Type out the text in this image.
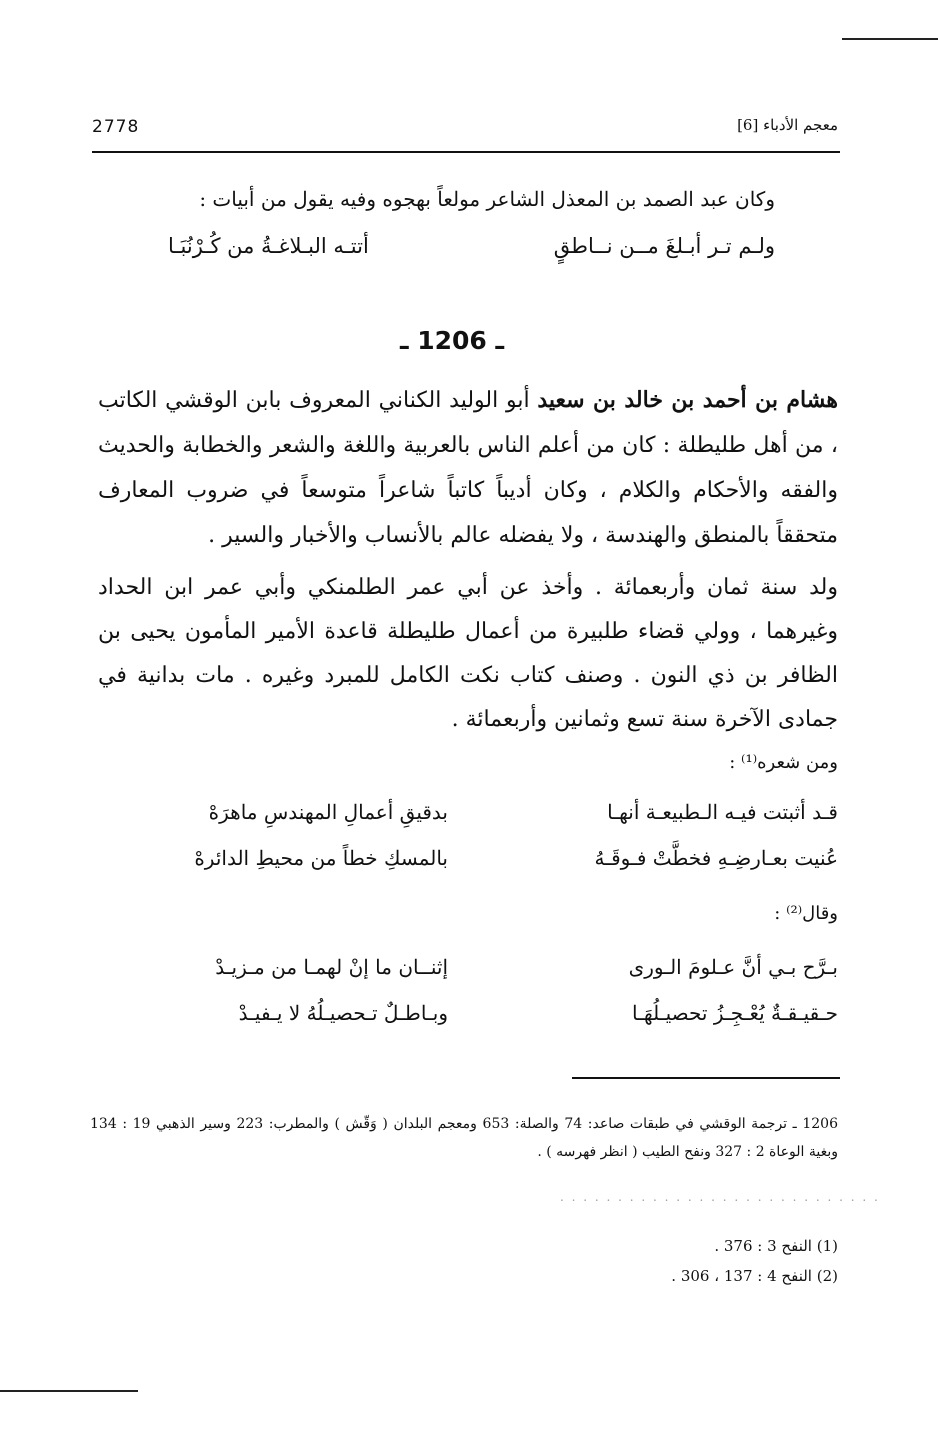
2778	معجم الأدباء [6]
وكان عبد الصمد بن المعذل الشاعر مولعاً بهجوه وفيه يقول من أبيات :
ولـم تـر أبـلغَ مــن نــاطقٍ
أتتـه البـلاغـةُ من كُـرْنُبَـا
ـ 1206 ـ
هشام بن أحمد بن خالد بن سعيد أبو الوليد الكناني المعروف بابن الوقشي الكاتب ، من أهل طليطلة : كان من أعلم الناس بالعربية واللغة والشعر والخطابة والحديث والفقه والأحكام والكلام ، وكان أديباً كاتباً شاعراً متوسعاً في ضروب المعارف متحققاً بالمنطق والهندسة ، ولا يفضله عالم بالأنساب والأخبار والسير .
ولد سنة ثمان وأربعمائة . وأخذ عن أبي عمر الطلمنكي وأبي عمر ابن الحداد وغيرهما ، وولي قضاء طلبيرة من أعمال طليطلة قاعدة الأمير المأمون يحيى بن الظافر بن ذي النون . وصنف كتاب نكت الكامل للمبرد وغيره . مات بدانية في جمادى الآخرة سنة تسع وثمانين وأربعمائة .
ومن شعره⁽¹⁾ :
قـد أثبتت فيـه الـطبيعـة أنهـا
بدقيقِ أعمالِ المهندسِ ماهرَهْ
عُنيت بعـارضِـهِ فخطَّتْ فـوقَـهُ
بالمسكِ خطاً من محيطِ الدائرهْ
وقال⁽²⁾ :
بـرَّح بـي أنَّ عـلومَ الـورى
إثنــان ما إنْ لهمـا من مـزيـدْ
حـقيـقـةٌ يُعْـجِـزُ تحصيـلُهَـا
وبـاطـلٌ تـحصيـلُهُ لا يـفيـدْ
1206 ـ ترجمة الوقشي في طبقات صاعد: 74 والصلة: 653 ومعجم البلدان ( وَقّش ) والمطرب: 223 وسير الذهبي 19 : 134 وبغية الوعاة 2 : 327 ونفح الطيب ( انظر فهرسه ) .
. . . . . . . . . . . . . . . . . . . . . . . . . . . .
(1) النفح 3 : 376 .
(2) النفح 4 : 137 ، 306 .
